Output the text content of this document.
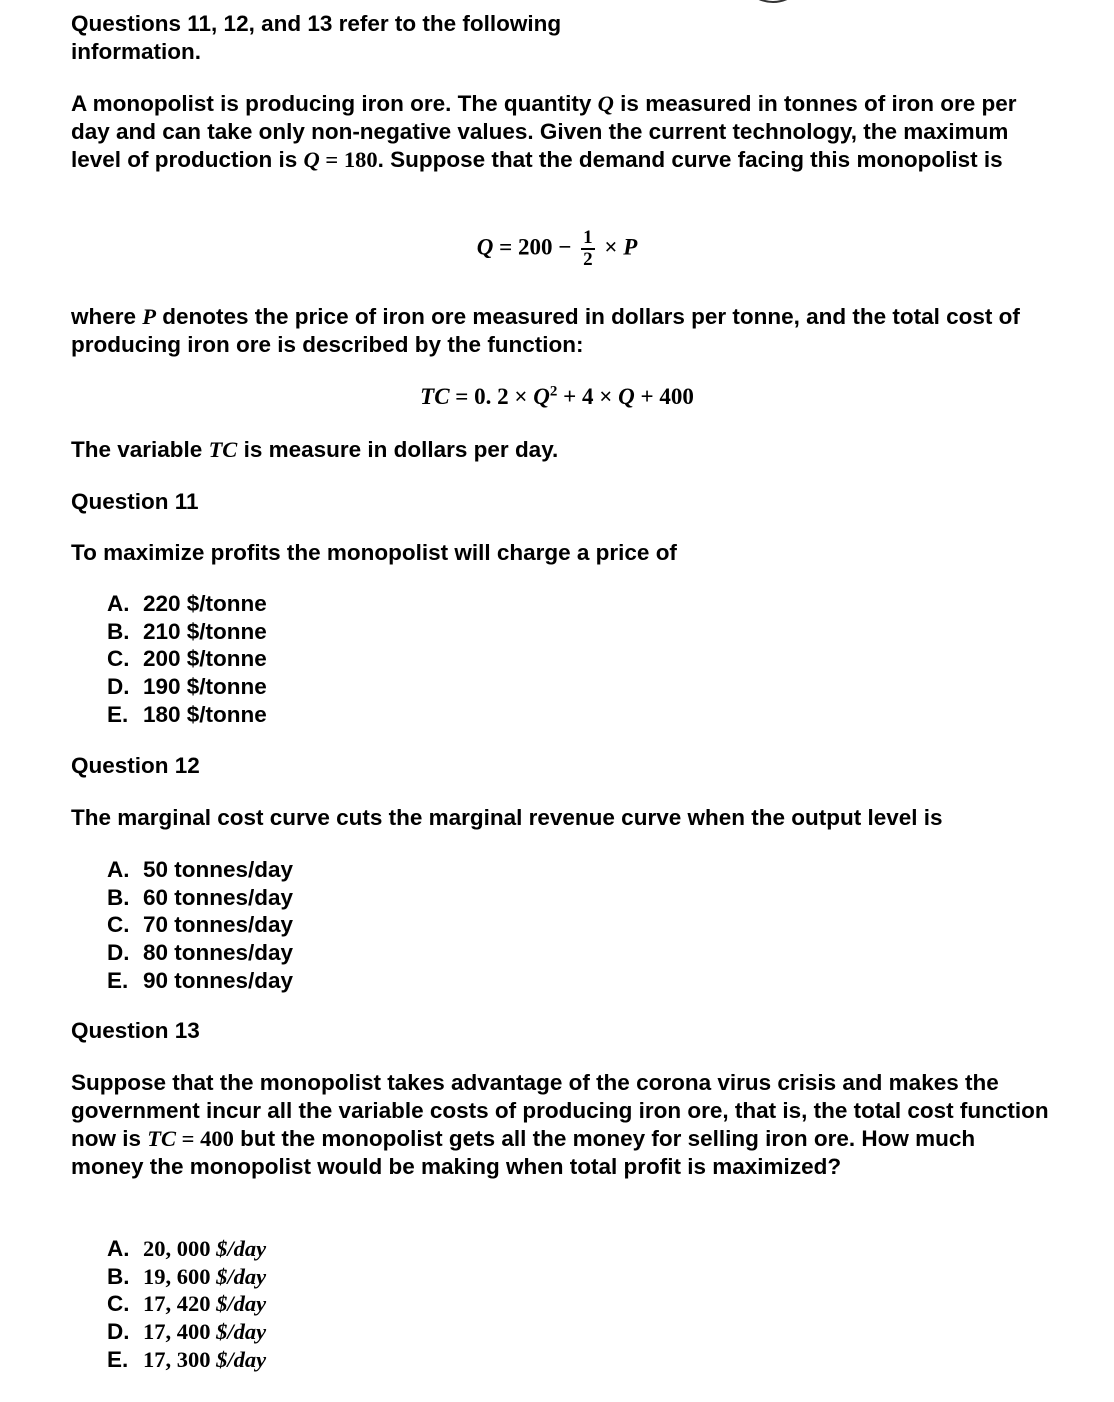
Questions 11, 12, and 13 refer to the following information.

A monopolist is producing iron ore. The quantity Q is measured in tonnes of iron ore per day and can take only non-negative values. Given the current technology, the maximum level of production is Q = 180. Suppose that the demand curve facing this monopolist is

$Q = 200 - \frac{1}{2} \times P$

where P denotes the price of iron ore measured in dollars per tonne, and the total cost of producing iron ore is described by the function:

TC = 0. $2 \times Q^2 + 4 \times Q + 400$

The variable TC is measure in dollars per day.

Question 11

To maximize profits the monopolist will charge a price of

A. 220 $/tonne
B. 210 $/tonne
C. 200 $/tonne
D. 190 $/tonne
E. 180 $/tonne

Question 12

The marginal cost curve cuts the marginal revenue curve when the output level is

A. 50 tonnes/day
B. 60 tonnes/day
C. 70 tonnes/day
D. 80 tonnes/day
E. 90 tonnes/day

Question 13

Suppose that the monopolist takes advantage of the corona virus crisis and makes the government incur all the variable costs of producing iron ore, that is, the total cost function now is TC = 400 but the monopolist gets all the money for selling iron ore. How much money the monopolist would be making when total profit is maximized?

A. 20, 000 $/day
B. 19, 600 $/day
C. 17, 420 $/day
D. 17, 400 $/day
E. 17, 300 $/day
